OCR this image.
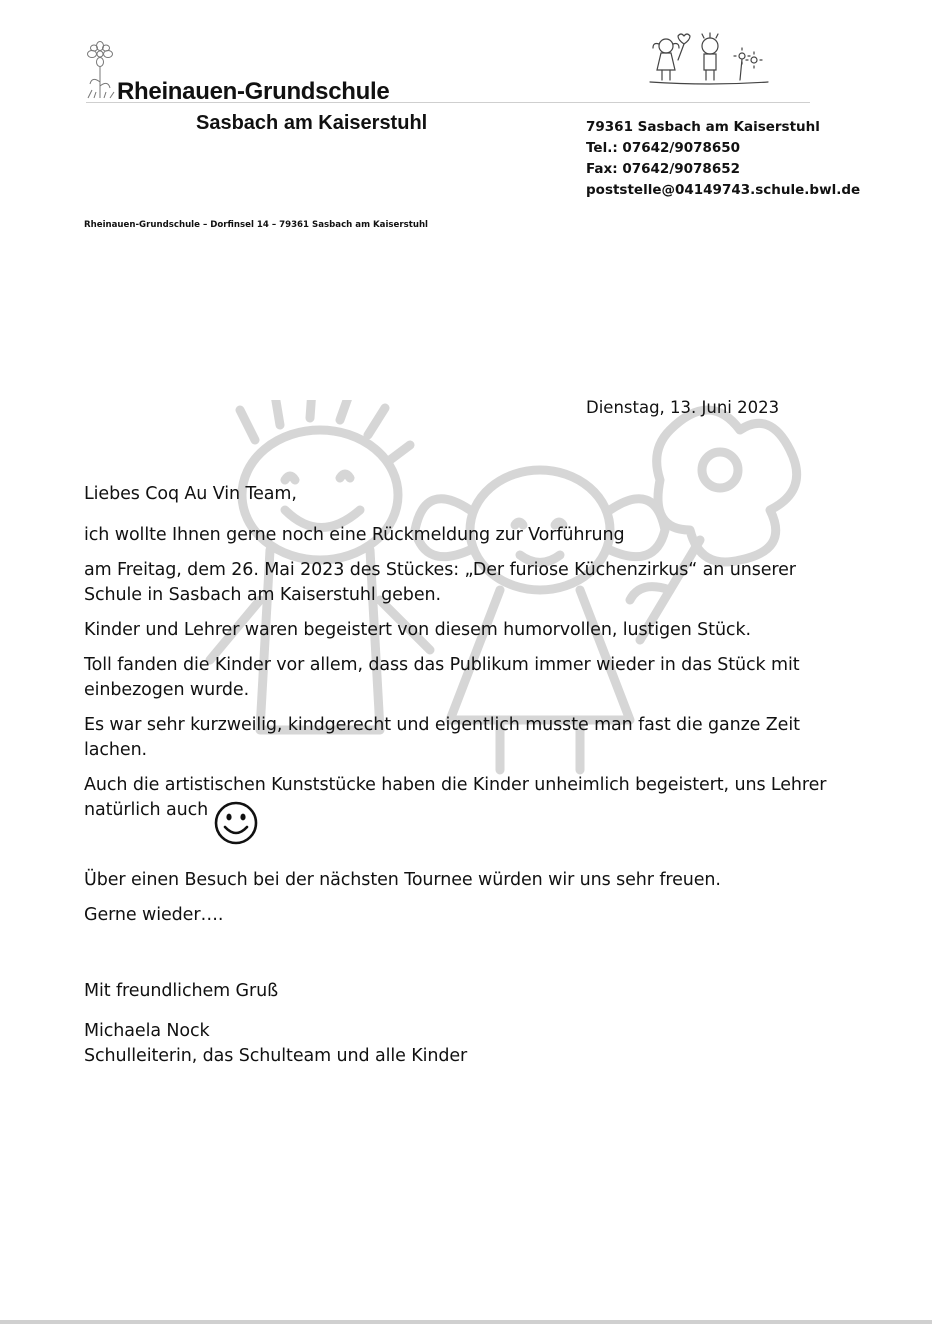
Rheinauen-Grundschule
Sasbach am Kaiserstuhl	79361 Sasbach am Kaiserstuhl
Tel.: 07642/9078650
Fax: 07642/9078652
poststelle@04149743.schule.bwl.de
Rheinauen-Grundschule – Dorfinsel 14 – 79361 Sasbach am Kaiserstuhl
Dienstag, 13. Juni 2023
Liebes Coq Au Vin Team,
ich wollte Ihnen gerne noch eine Rückmeldung zur Vorführung
am Freitag, dem 26. Mai 2023 des Stückes: „Der furiose Küchenzirkus“ an unserer
Schule in Sasbach am Kaiserstuhl geben.
Kinder und Lehrer waren begeistert von diesem humorvollen, lustigen Stück.
Toll fanden die Kinder vor allem, dass das Publikum immer wieder in das Stück mit
einbezogen wurde.
Es war sehr kurzweilig, kindgerecht und eigentlich musste man fast die ganze Zeit
lachen.
Auch die artistischen Kunststücke haben die Kinder unheimlich begeistert, uns Lehrer
natürlich auch
Über einen Besuch bei der nächsten Tournee würden wir uns sehr freuen.
Gerne wieder….
Mit freundlichem Gruß
Michaela Nock
Schulleiterin, das Schulteam und alle Kinder
